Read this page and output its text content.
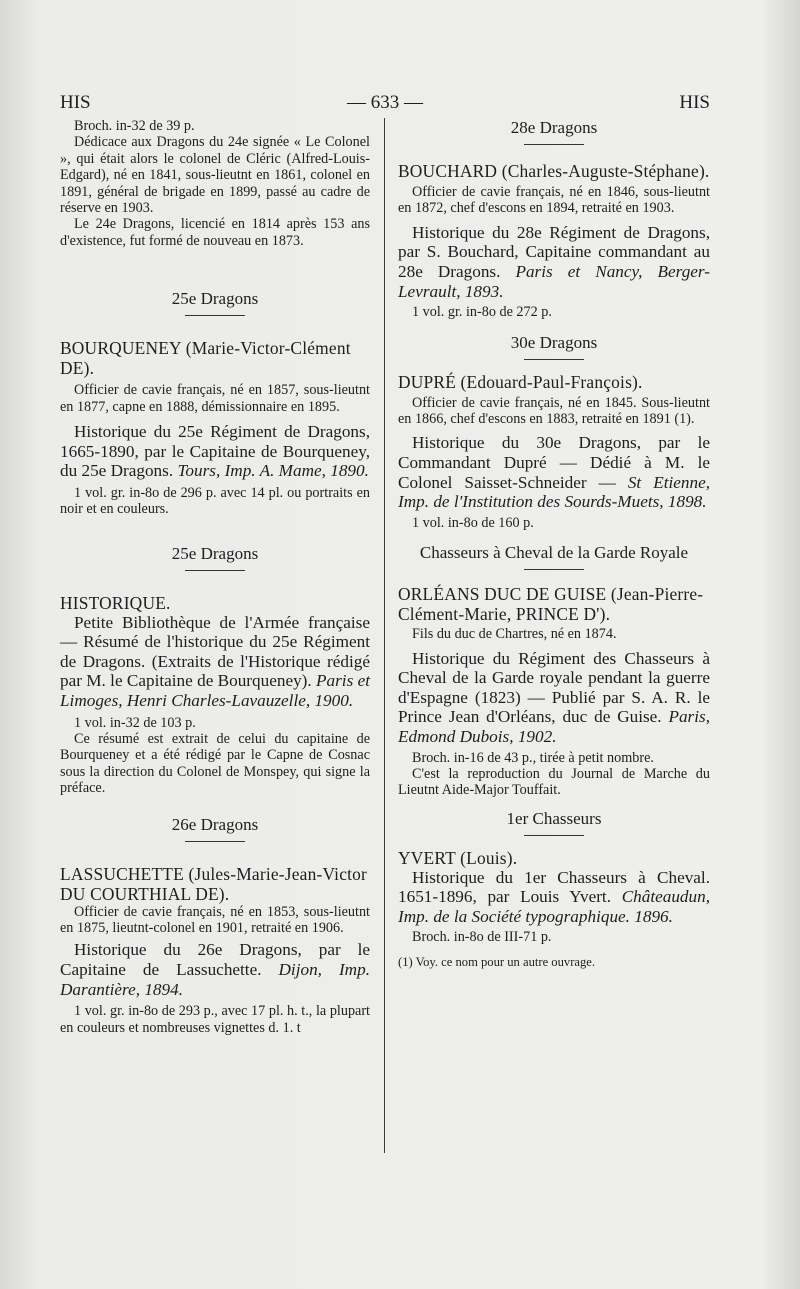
HIS	— 633 —	HIS

Broch. in-32 de 39 p.

Dédicace aux Dragons du 24e signée « Le Colonel », qui était alors le colonel de Cléric (Alfred-Louis-Edgard), né en 1841, sous-lieutnt en 1861, colonel en 1891, général de brigade en 1899, passé au cadre de réserve en 1903.

Le 24e Dragons, licencié en 1814 après 153 ans d'existence, fut formé de nouveau en 1873.

25e Dragons

BOURQUENEY (Marie-Victor-Clément DE).

Officier de cavie français, né en 1857, sous-lieutnt en 1877, capne en 1888, démissionnaire en 1895.

Historique du 25e Régiment de Dragons, 1665-1890, par le Capitaine de Bourqueney, du 25e Dragons. Tours, Imp. A. Mame, 1890.

1 vol. gr. in-8o de 296 p. avec 14 pl. ou portraits en noir et en couleurs.

25e Dragons

HISTORIQUE.

Petite Bibliothèque de l'Armée française — Résumé de l'historique du 25e Régiment de Dragons. (Extraits de l'Historique rédigé par M. le Capitaine de Bourqueney). Paris et Limoges, Henri Charles-Lavauzelle, 1900.

1 vol. in-32 de 103 p.

Ce résumé est extrait de celui du capitaine de Bourqueney et a été rédigé par le Capne de Cosnac sous la direction du Colonel de Monspey, qui signe la préface.

26e Dragons

LASSUCHETTE (Jules-Marie-Jean-Victor DU COURTHIAL DE).

Officier de cavie français, né en 1853, sous-lieutnt en 1875, lieutnt-colonel en 1901, retraité en 1906.

Historique du 26e Dragons, par le Capitaine de Lassuchette. Dijon, Imp. Darantière, 1894.

1 vol. gr. in-8o de 293 p., avec 17 pl. h. t., la plupart en couleurs et nombreuses vignettes d. 1. t

28e Dragons

BOUCHARD (Charles-Auguste-Stéphane).

Officier de cavie français, né en 1846, sous-lieutnt en 1872, chef d'escons en 1894, retraité en 1903.

Historique du 28e Régiment de Dragons, par S. Bouchard, Capitaine commandant au 28e Dragons. Paris et Nancy, Berger-Levrault, 1893.

1 vol. gr. in-8o de 272 p.

30e Dragons

DUPRÉ (Edouard-Paul-François).

Officier de cavie français, né en 1845. Sous-lieutnt en 1866, chef d'escons en 1883, retraité en 1891 (1).

Historique du 30e Dragons, par le Commandant Dupré — Dédié à M. le Colonel Saisset-Schneider — St Etienne, Imp. de l'Institution des Sourds-Muets, 1898.

1 vol. in-8o de 160 p.

Chasseurs à Cheval de la Garde Royale

ORLÉANS DUC DE GUISE (Jean-Pierre-Clément-Marie, PRINCE D').

Fils du duc de Chartres, né en 1874.

Historique du Régiment des Chasseurs à Cheval de la Garde royale pendant la guerre d'Espagne (1823) — Publié par S. A. R. le Prince Jean d'Orléans, duc de Guise. Paris, Edmond Dubois, 1902.

Broch. in-16 de 43 p., tirée à petit nombre.

C'est la reproduction du Journal de Marche du Lieutnt Aide-Major Touffait.

1er Chasseurs

YVERT (Louis).

Historique du 1er Chasseurs à Cheval. 1651-1896, par Louis Yvert. Châteaudun, Imp. de la Société typographique. 1896.

Broch. in-8o de III-71 p.

(1) Voy. ce nom pour un autre ouvrage.
